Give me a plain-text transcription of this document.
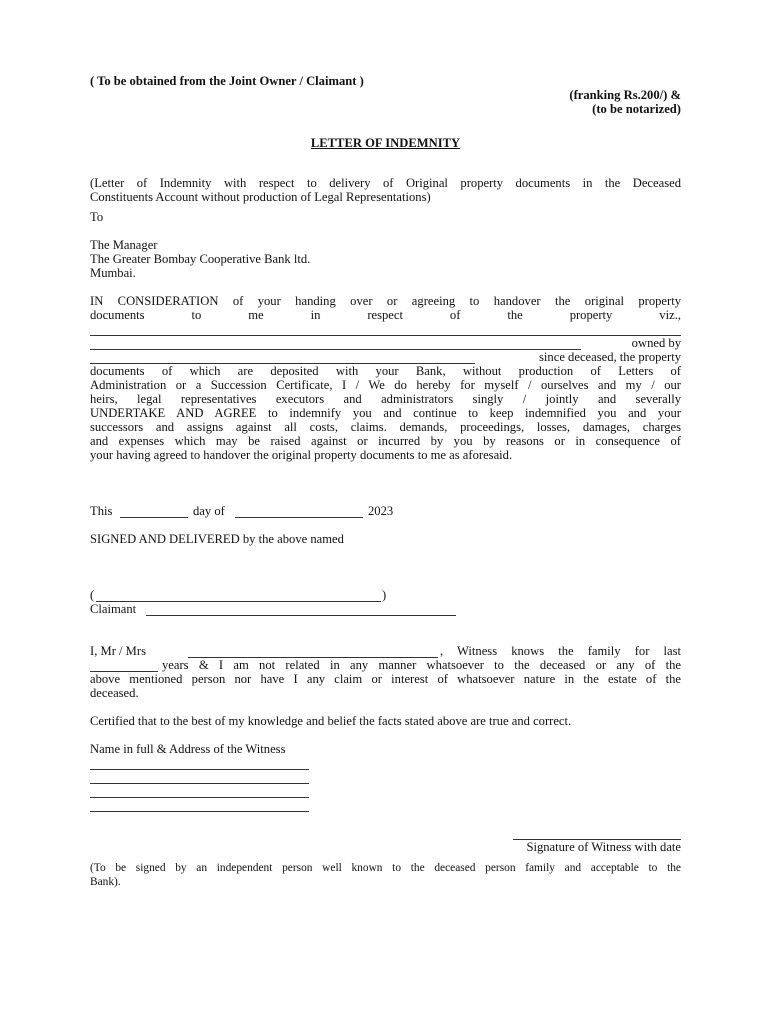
( To be obtained from the Joint Owner / Claimant )
(franking Rs.200/) &
(to be notarized)
LETTER OF INDEMNITY
(Letter of Indemnity with respect to delivery of Original property documents in the Deceased
Constituents Account without production of Legal Representations)
To
The Manager
The Greater Bombay Cooperative Bank ltd.
Mumbai.
IN CONSIDERATION of your handing over or agreeing to handover the original property
documents to me in respect of the property viz.,
owned by
since deceased, the property
documents of which are deposited with your Bank, without production of Letters of
Administration or a Succession Certificate, I / We do hereby for myself / ourselves and my / our
heirs, legal representatives executors and administrators singly / jointly and severally
UNDERTAKE AND AGREE to indemnify you and continue to keep indemnified you and your
successors and assigns against all costs, claims. demands, proceedings, losses, damages, charges
and expenses which may be raised against or incurred by you by reasons or in consequence of
your having agreed to handover the original property documents to me as aforesaid.
This	day of	2023
SIGNED AND DELIVERED by the above named
(	)
Claimant
I, Mr / Mrs	, Witness knows the family for last
years & I am not related in any manner whatsoever to the deceased or any of the
above mentioned person nor have I any claim or interest of whatsoever nature in the estate of the
deceased.
Certified that to the best of my knowledge and belief the facts stated above are true and correct.
Name in full & Address of the Witness
Signature of Witness with date
(To be signed by an independent person well known to the deceased person family and acceptable to the
Bank).
